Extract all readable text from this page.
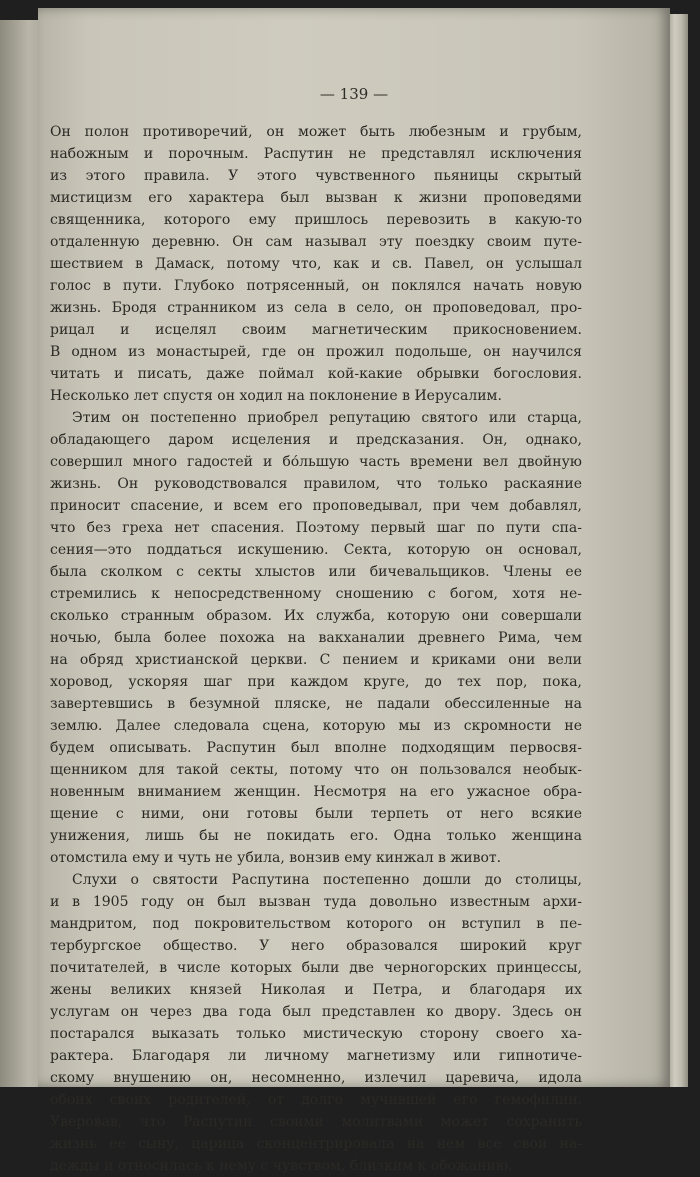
— 139 —
Он полон противоречий, он может быть любезным и грубым,
набожным и порочным. Распутин не представлял исключения
из этого правила. У этого чувственного пьяницы скрытый
мистицизм его характера был вызван к жизни проповедями
священника, которого ему пришлось перевозить в какую-то
отдаленную деревню. Он сам называл эту поездку своим путе-
шествием в Дамаск, потому что, как и св. Павел, он услышал
голос в пути. Глубоко потрясенный, он поклялся начать новую
жизнь. Бродя странником из села в село, он проповедовал, про-
рицал и исцелял своим магнетическим прикосновением.
В одном из монастырей, где он прожил подольше, он научился
читать и писать, даже поймал кой-какие обрывки богословия.
Несколько лет спустя он ходил на поклонение в Иерусалим.
Этим он постепенно приобрел репутацию святого или старца,
обладающего даром исцеления и предсказания. Он, однако,
совершил много гадостей и бо́льшую часть времени вел двойную
жизнь. Он руководствовался правилом, что только раскаяние
приносит спасение, и всем его проповедывал, при чем добавлял,
что без греха нет спасения. Поэтому первый шаг по пути спа-
сения—это поддаться искушению. Секта, которую он основал,
была сколком с секты хлыстов или бичевальщиков. Члены ее
стремились к непосредственному сношению с богом, хотя не-
сколько странным образом. Их служба, которую они совершали
ночью, была более похожа на вакханалии древнего Рима, чем
на обряд христианской церкви. С пением и криками они вели
хоровод, ускоряя шаг при каждом круге, до тех пор, пока,
завертевшись в безумной пляске, не падали обессиленные на
землю. Далее следовала сцена, которую мы из скромности не
будем описывать. Распутин был вполне подходящим первосвя-
щенником для такой секты, потому что он пользовался необык-
новенным вниманием женщин. Несмотря на его ужасное обра-
щение с ними, они готовы были терпеть от него всякие
унижения, лишь бы не покидать его. Одна только женщина
отомстила ему и чуть не убила, вонзив ему кинжал в живот.
Слухи о святости Распутина постепенно дошли до столицы,
и в 1905 году он был вызван туда довольно известным архи-
мандритом, под покровительством которого он вступил в пе-
тербургское общество. У него образовался широкий круг
почитателей, в числе которых были две черногорских принцессы,
жены великих князей Николая и Петра, и благодаря их
услугам он через два года был представлен ко двору. Здесь он
постарался выказать только мистическую сторону своего ха-
рактера. Благодаря ли личному магнетизму или гипнотиче-
скому внушению он, несомненно, излечил царевича, идола
обоих своих родителей, от долго мучившей его гемофилии.
Уверовав, что Распутин своими молитвами может сохранить
жизнь ее сыну, царица сконцентрировала на нем все свои на-
дежды и относилась к нему с чувством, близким к обожанию.
